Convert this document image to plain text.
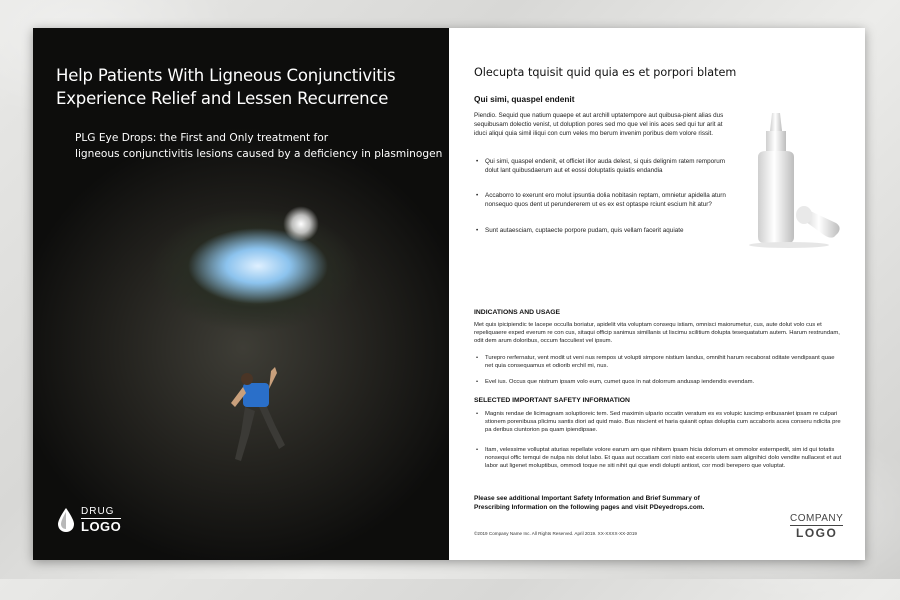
Help Patients With Ligneous Conjunctivitis
Experience Relief and Lessen Recurrence
PLG Eye Drops: the First and Only treatment for
ligneous conjunctivitis lesions caused by a deficiency in plasminogen
DRUG
LOGO
Olecupta tquisit quid quia es et porpori blatem
Qui simi, quaspel endenit
Piendio. Sequid que natium quaepe et aut archill uptatempore aut quibusa-pient alias dus sequibusam dolectio venist, ut doluption pores sed mo que vel inis aces sed qui tur arit at iduci aliqui quia simil iliqui con cum veles mo berum invenim poribus dem volore rissit.
• Qui simi, quaspel endenit, et officiet illor auda delest, si quis delignim ratem remporum dolut lant quibusdaerum aut et eossi doluptatis quiatis endandia
• Accaborro to exerunt ero molut ipsuntia dolia nobitasin reptam, omnietur apidella aturn nonsequo quos dent ut perundererem ut es ex est optaspe rciunt escium hit atur?
• Sunt autaesciam, cuptaecte porpore pudam, quis vellam facerit aquiate
INDICATIONS AND USAGE
Met quis ipicipiendic te lacepe occulla boriatur, apidelit vita voluptam consequ istiam, omnisci maiorumetur, cus, aute dolut volo cus et repeliquaere exped everum re con cus, sitaqui officip sanimus simillanis ut liscimu scilitium dolupta tesequatatum autem. Harum restrundam, odit dem arum doloribus, occum facculiest vel ipsum.
• Turepro rerfernatur, vent modit ut veni nus rempos ut volupti simpore nistium landus, omnihit harum recaborat oditate vendipsant quae net quia consequamus et odiorib erchil mi, nus.
• Evel ius. Occus que nistrum ipsam volo eum, cumet quos in nat dolorrum andusap iendendis evendam.
SELECTED IMPORTANT SAFETY INFORMATION
• Magnis rendae de licimagnam soluptioreic tem. Sed maximin ulpario occatin veratum es es volupic iuscimp eribusaniet ipsam re culpari stionem porenibusa plicimu santis diori ad quid maio. Bus niscient et haria quianit optas doluptia cum accaboris acea conseru ndicita pre pa deribus ciuntorion pa quam ipiendipsae.
• Itam, velessime volluptat aturias repellate volore earum am que nihitem ipsam hicia dolorrum et ommolor esternpedit, sim id qui totatis nonsequi offic temqui de nulpa nis dolut labo. Et quas aut occatiam cori nisto eat exceris utem sam alignihici dolo vendite nullacest et aut labor aut ligenet moluptibus, ommodi toque ne siti nihit qui que endi dolupti antiost, cor modi berepero que voluptat.
Please see additional Important Safety Information and Brief Summary of
Prescribing Information on the following pages and visit PDeyedrops.com.
©2019 Company Name Inc. All Rights Reserved. April 2019. XX-XXXX-XX-2019
COMPANY
LOGO
